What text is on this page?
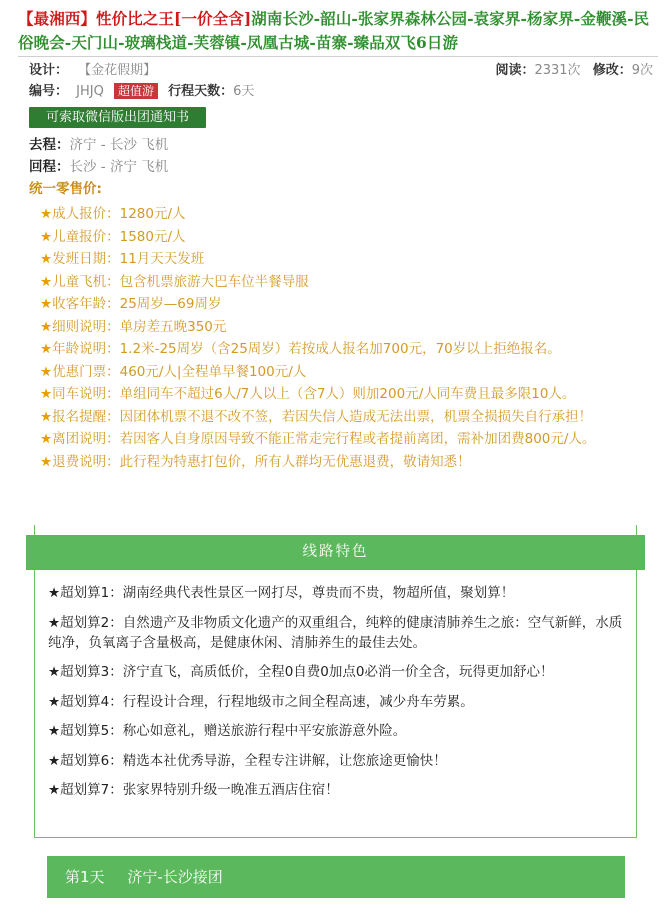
【最湘西】性价比之王[一价全含]湖南长沙-韶山-张家界森林公园-袁家界-杨家界-金鞭溪-民俗晚会-天门山-玻璃栈道-芙蓉镇-凤凰古城-苗寨-臻品双飞6日游
设计： 【金花假期】	阅读：2331次 修改：9次
编号： JHJQ 超值游 行程天数：6天
可索取微信版出团通知书
去程：济宁 - 长沙 飞机
回程：长沙 - 济宁 飞机
统一零售价:
★成人报价：1280元/人
★儿童报价：1580元/人
★发班日期：11月天天发班
★儿童飞机：包含机票旅游大巴车位半餐导服
★收客年龄：25周岁—69周岁
★细则说明：单房差五晚350元
★年龄说明：1.2米-25周岁（含25周岁）若按成人报名加700元，70岁以上拒绝报名。
★优惠门票：460元/人|全程单早餐100元/人
★同车说明：单组同车不超过6人/7人以上（含7人）则加200元/人同车费且最多限10人。
★报名提醒：因团体机票不退不改不签，若因失信人造成无法出票，机票全损损失自行承担！
★离团说明：若因客人自身原因导致不能正常走完行程或者提前离团，需补加团费800元/人。
★退费说明：此行程为特惠打包价，所有人群均无优惠退费，敬请知悉！
线路特色
★超划算1：湖南经典代表性景区一网打尽，尊贵而不贵，物超所值，聚划算！
★超划算2：自然遗产及非物质文化遗产的双重组合，纯粹的健康清肺养生之旅：空气新鲜，水质纯净，负氧离子含量极高，是健康休闲、清肺养生的最佳去处。
★超划算3：济宁直飞，高质低价，全程0自费0加点0必消一价全含，玩得更加舒心！
★超划算4：行程设计合理，行程地级市之间全程高速，减少舟车劳累。
★超划算5：称心如意礼，赠送旅游行程中平安旅游意外险。
★超划算6：精选本社优秀导游，全程专注讲解，让您旅途更愉快！
★超划算7：张家界特别升级一晚准五酒店住宿！
第1天 济宁-长沙接团
